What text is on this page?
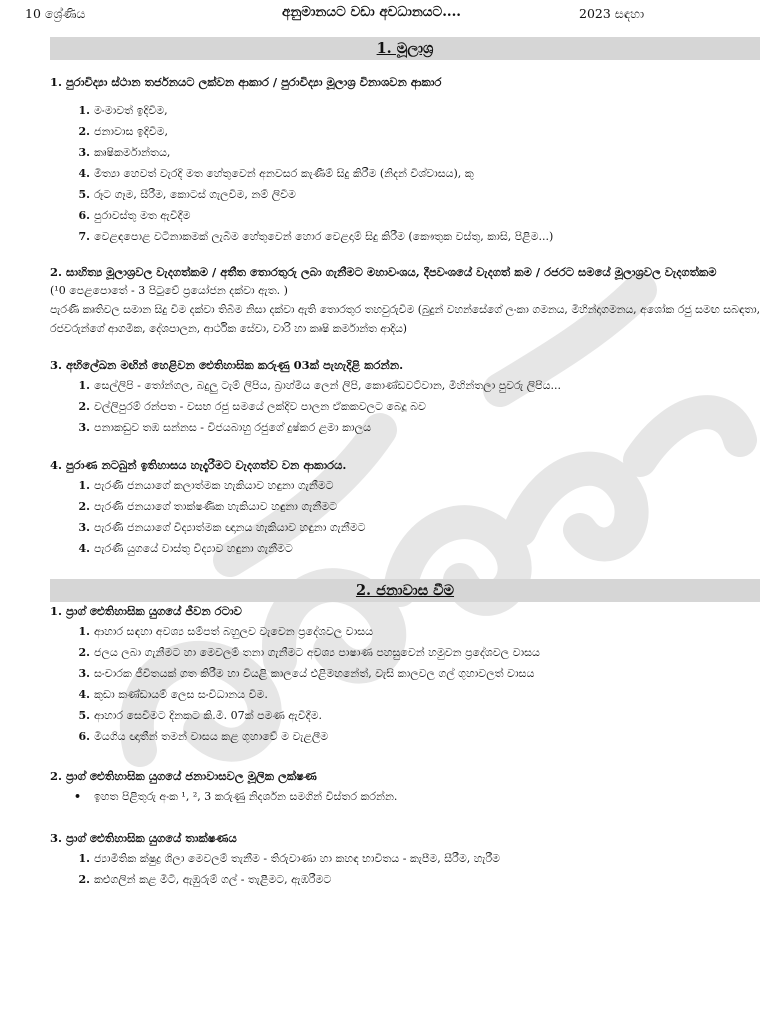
10 ශ්‍රේණිය	අනුමානයට වඩා අවධානයට....	2023 සඳහා
1. මූලාශ්‍ර

1. පුරාවිද්‍යා ස්ථාන තර්ජනයට ලක්වන ආකාර / පුරාවිද්‍යා මූලාශ්‍ර විනාශවන ආකාර

1. මංමාවත් ඉදිවීම,
2. ජනාවාස ඉදිවීම,
3. කෘෂිකර්මාන්තය,
4. මිත්‍යා හෙවත් වැරදි මත හේතුවෙන් අනවසර කැණීම් සිදු කිරීම (නිදන් විශ්වාසය), කු
5. රූට ගෑම, සීරීම, කොටස් ගැලවීම, නම් ලිවීම
6. පුරාවස්තු මත ඇවිදීම
7. වෙළඳපොළ වටිනාකමක් ලැබීම හේතුවෙන් හොර වෙළදාම් සිදු කිරීම (කෞතුක වස්තු, කාසි, පිළිම...)

2. සාහිත්‍ය මූලාශ්‍රවල වැදගත්කම / අතීත තොරතුරු ලබා ගැනීමට මහාවංශය, දීපවංශයේ වැදගත් කම / රජරට සමයේ මූලාශ්‍රවල වැදගත්කම

(¹0 පෙළපොතේ - 3 පිටුවේ ප්‍රයෝජන දක්වා ඇත. )

පැරණි කෘතිවල සමාන සිදු වීම දක්වා තිබීම නිසා දක්වා ඇති තොරතුර තහවුරුවීම (බුදුන් වහන්සේගේ ලංකා ගමනය, මිහින්දාගමනය, අශෝක රජු සමඟ සබඳතා, රජවරුන්ගේ ආගමික, දේශපාලන, ආර්ථික සේවා, වාරි හා කෘෂි කර්මාන්ත ආදිය)

3. අභිලේඛන මඟින් හෙළිවන ඓතිහාසික කරුණු 03ක් පැහැදිළි කරන්න.

1. සෙල්ලිපි - තෝන්ගල, බදුලු ටැම් ලිපිය, බ්‍රාහ්මීය ලෙන් ලිපි, කොණ්ඩවට්වාන, මිහින්තලා පුවරු ලිපිය...
2. වල්ලිපුරම් රන්පත - වසභ රජු සමයේ ලක්දිව පාලන ඒකකවලට බෙදූ බව
3. පනාකඩුව තඹ සන්නස - විජයබාහු රජුගේ දුෂ්කර ළමා කාලය

4. පුරාණ නටබුන් ඉතිහාසය හැදෑරීමට වැදගත්ව වන ආකාරය.

1. පැරණි ජනයාගේ කලාත්මක හැකියාව හඳුනා ගැනීමට
2. පැරණි ජනයාගේ තාක්ෂණික හැකියාව හඳුනා ගැනීමට
3. පැරණි ජනයාගේ විද්‍යාත්මක ඥානය හැකියාව හඳුනා ගැනීමට
4. පැරණි යුගයේ වාස්තු විද්‍යාව හඳුනා ගැනීමට
2. ජනාවාස වීම

1. ප්‍රාග් ඓතිහාසික යුගයේ ජීවන රටාව

1. ආහාර සඳහා අවශ්‍ය සම්පත් බහුලව වැවෙන ප්‍රදේශවල වාසය
2. ජලය ලබා ගැනීමට හා මෙවලම් තනා ගැනීමට අවශ්‍ය පාෂාණ පහසුවෙන් හමුවන ප්‍රදේශවල වාසය
3. සංචාරක ජීවිතයක් ගත කිරීම හා වියළි කාලයේ එළිමහනේත්, වැසි කාලවල ගල් ගුහාවලත් වාසය
4. කුඩා කණ්ඩායම් ලෙස සංවිධානය වීම.
5. ආහාර සෙවීමට දිනකට කි.මී. 07ක් පමණ ඇවිදීම.
6. මියගිය ඥාතීන් තමන් වාසය කළ ගුහාවේ ම වැළලීම

2. ප්‍රාග් ඓතිහාසික යුගයේ ජනාවාසවල මූලික ලක්ෂණ

• ඉහත පිළිතුරු අංක ¹, ², 3 කරුණු නිදර්ශන සමගින් විස්තර කරන්න.

3. ප්‍රාග් ඓතිහාසික යුගයේ තාක්ෂණය

1. ජ්‍යාමිතික ක්ෂුද්‍ර ශිලා මෙවලම් තැනීම - තිරුවාණා හා කහඳ භාවිතය - කැපීම, සීරීම, හැරීම
2. කළුගලින් කළ මිටි, ඇඹුරුම් ගල් - තැළීමට, ඇඹරීමට
